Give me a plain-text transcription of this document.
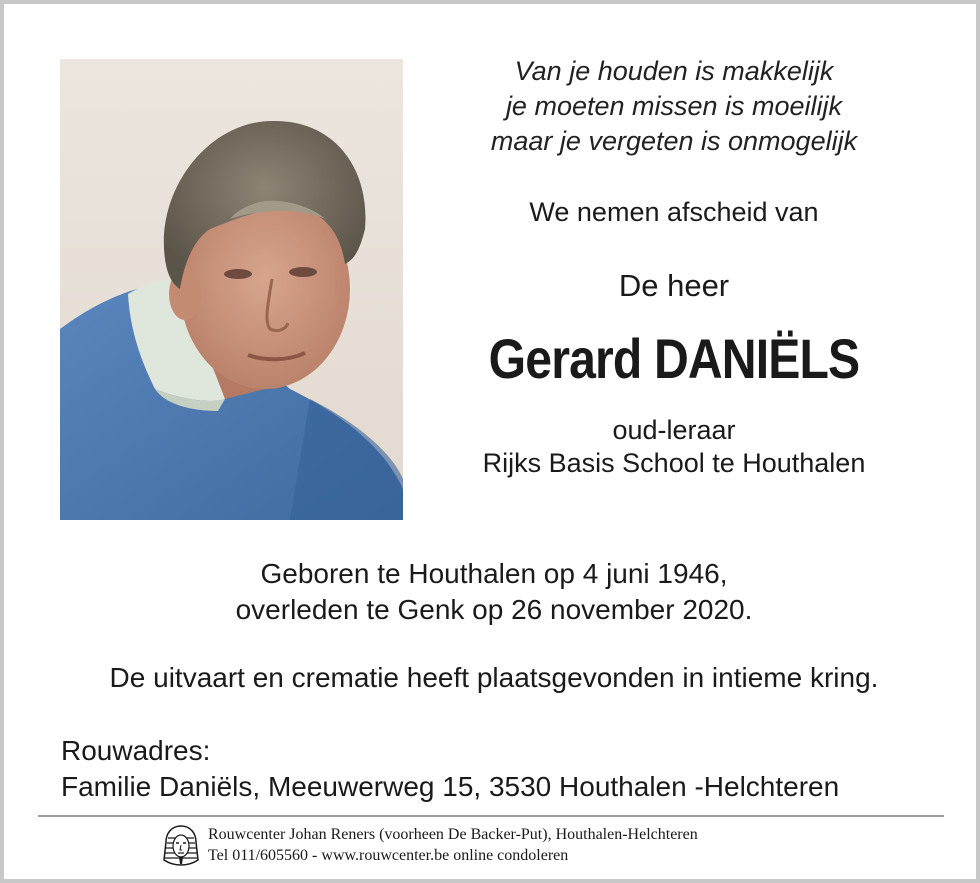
Van je houden is makkelijk
je moeten missen is moeilijk
maar je vergeten is onmogelijk
We nemen afscheid van
De heer
Gerard DANIËLS
oud-leraar
Rijks Basis School te Houthalen
Geboren te Houthalen op 4 juni 1946,
overleden te Genk op 26 november 2020.
De uitvaart en crematie heeft plaatsgevonden in intieme kring.
Rouwadres:
Familie Daniëls, Meeuwerweg 15, 3530 Houthalen -Helchteren
Rouwcenter Johan Reners (voorheen De Backer-Put), Houthalen-Helchteren
Tel 011/605560 - www.rouwcenter.be online condoleren
